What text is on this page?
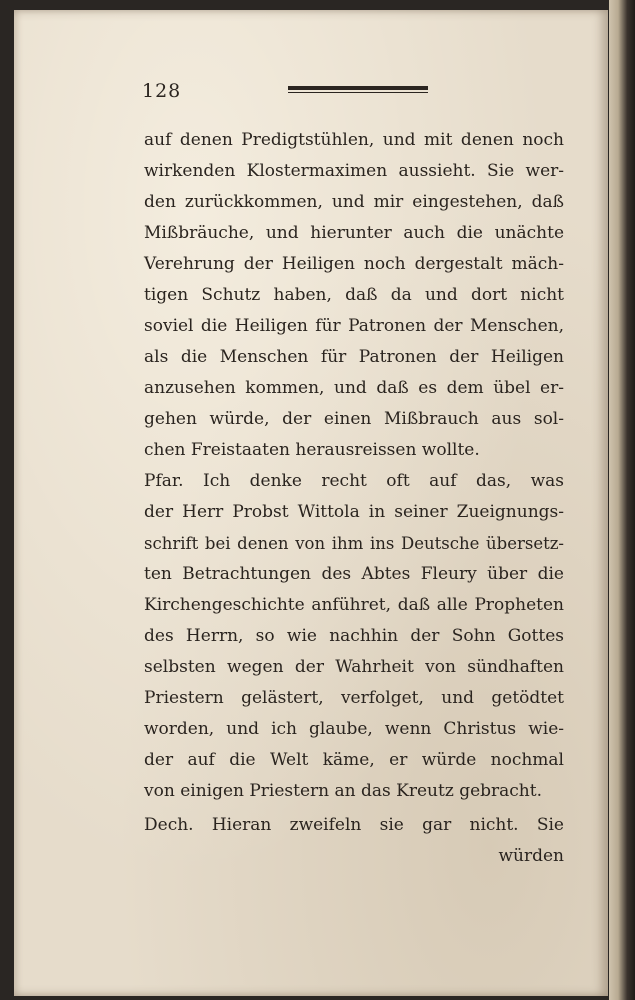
128
auf denen Predigtstühlen, und mit denen noch
wirkenden Klostermaximen aussieht. Sie wer-
den zurückkommen, und mir eingestehen, daß
Mißbräuche, und hierunter auch die unächte
Verehrung der Heiligen noch dergestalt mäch-
tigen Schutz haben, daß da und dort nicht
soviel die Heiligen für Patronen der Menschen,
als die Menschen für Patronen der Heiligen
anzusehen kommen, und daß es dem übel er-
gehen würde, der einen Mißbrauch aus sol-
chen Freistaaten herausreissen wollte.
Pfar. Ich denke recht oft auf das, was
der Herr Probst Wittola in seiner Zueignungs-
schrift bei denen von ihm ins Deutsche übersetz-
ten Betrachtungen des Abtes Fleury über die
Kirchengeschichte anführet, daß alle Propheten
des Herrn, so wie nachhin der Sohn Gottes
selbsten wegen der Wahrheit von sündhaften
Priestern gelästert, verfolget, und getödtet
worden, und ich glaube, wenn Christus wie-
der auf die Welt käme, er würde nochmal
von einigen Priestern an das Kreutz gebracht.
Dech. Hieran zweifeln sie gar nicht. Sie
würden
